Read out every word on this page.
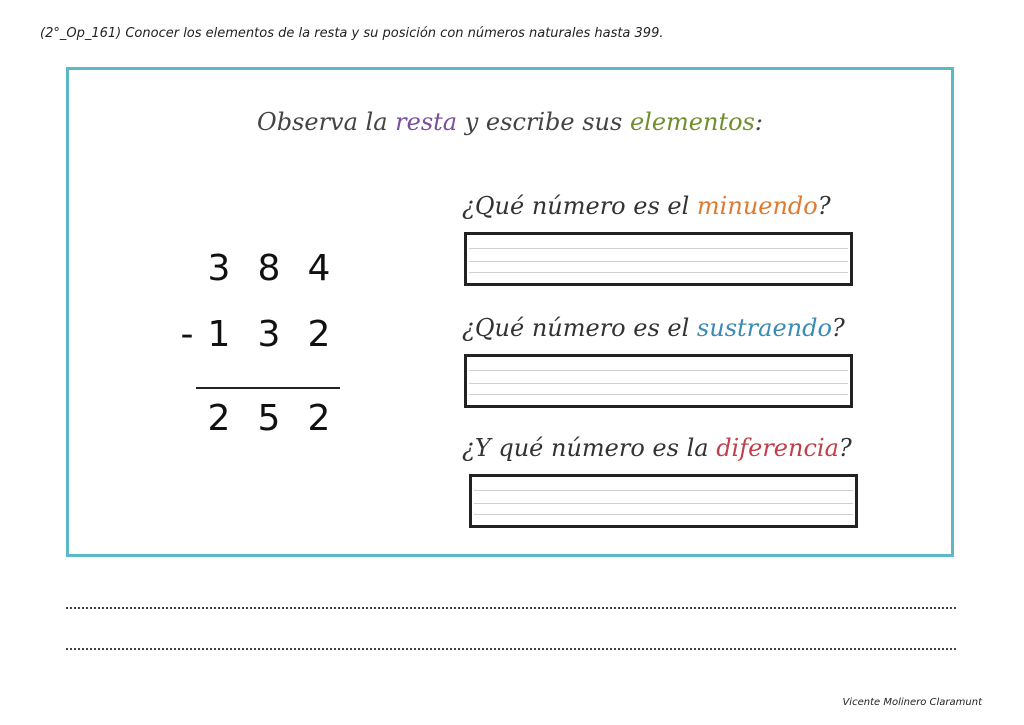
(2°_Op_161) Conocer los elementos de la resta y su posición con números naturales hasta 399.
Observa la resta y escribe sus elementos:
3 8 4
- 1 3 2
2 5 2
¿Qué número es el minuendo?
¿Qué número es el sustraendo?
¿Y qué número es la diferencia?
Vicente Molinero Claramunt
